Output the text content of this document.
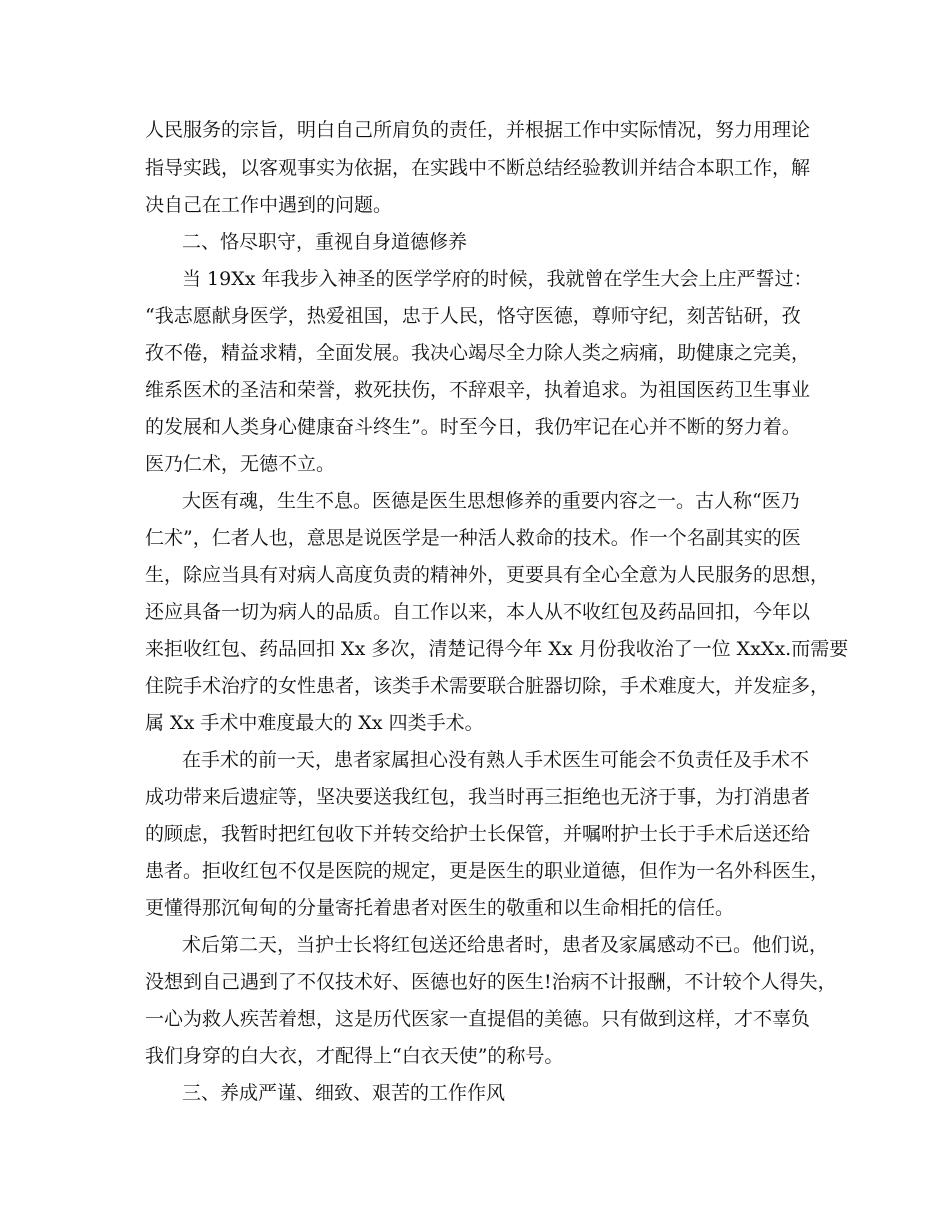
人民服务的宗旨，明白自己所肩负的责任，并根据工作中实际情况，努力用理论
指导实践，以客观事实为依据，在实践中不断总结经验教训并结合本职工作，解
决自己在工作中遇到的问题。
二、恪尽职守，重视自身道德修养
当 19Xx 年我步入神圣的医学学府的时候，我就曾在学生大会上庄严誓过：
“我志愿献身医学，热爱祖国，忠于人民，恪守医德，尊师守纪，刻苦钻研，孜
孜不倦，精益求精，全面发展。我决心竭尽全力除人类之病痛，助健康之完美，
维系医术的圣洁和荣誉，救死扶伤，不辞艰辛，执着追求。为祖国医药卫生事业
的发展和人类身心健康奋斗终生”。时至今日，我仍牢记在心并不断的努力着。
医乃仁术，无德不立。
大医有魂，生生不息。医德是医生思想修养的重要内容之一。古人称“医乃
仁术”，仁者人也，意思是说医学是一种活人救命的技术。作一个名副其实的医
生，除应当具有对病人高度负责的精神外，更要具有全心全意为人民服务的思想，
还应具备一切为病人的品质。自工作以来，本人从不收红包及药品回扣，今年以
来拒收红包、药品回扣 Xx 多次，清楚记得今年 Xx 月份我收治了一位 XxXx.而需要
住院手术治疗的女性患者，该类手术需要联合脏器切除，手术难度大，并发症多，
属 Xx 手术中难度最大的 Xx 四类手术。
在手术的前一天，患者家属担心没有熟人手术医生可能会不负责任及手术不
成功带来后遗症等，坚决要送我红包，我当时再三拒绝也无济于事，为打消患者
的顾虑，我暂时把红包收下并转交给护士长保管，并嘱咐护士长于手术后送还给
患者。拒收红包不仅是医院的规定，更是医生的职业道德，但作为一名外科医生，
更懂得那沉甸甸的分量寄托着患者对医生的敬重和以生命相托的信任。
术后第二天，当护士长将红包送还给患者时，患者及家属感动不已。他们说，
没想到自己遇到了不仅技术好、医德也好的医生!治病不计报酬，不计较个人得失，
一心为救人疾苦着想，这是历代医家一直提倡的美德。只有做到这样，才不辜负
我们身穿的白大衣，才配得上“白衣天使”的称号。
三、养成严谨、细致、艰苦的工作作风
